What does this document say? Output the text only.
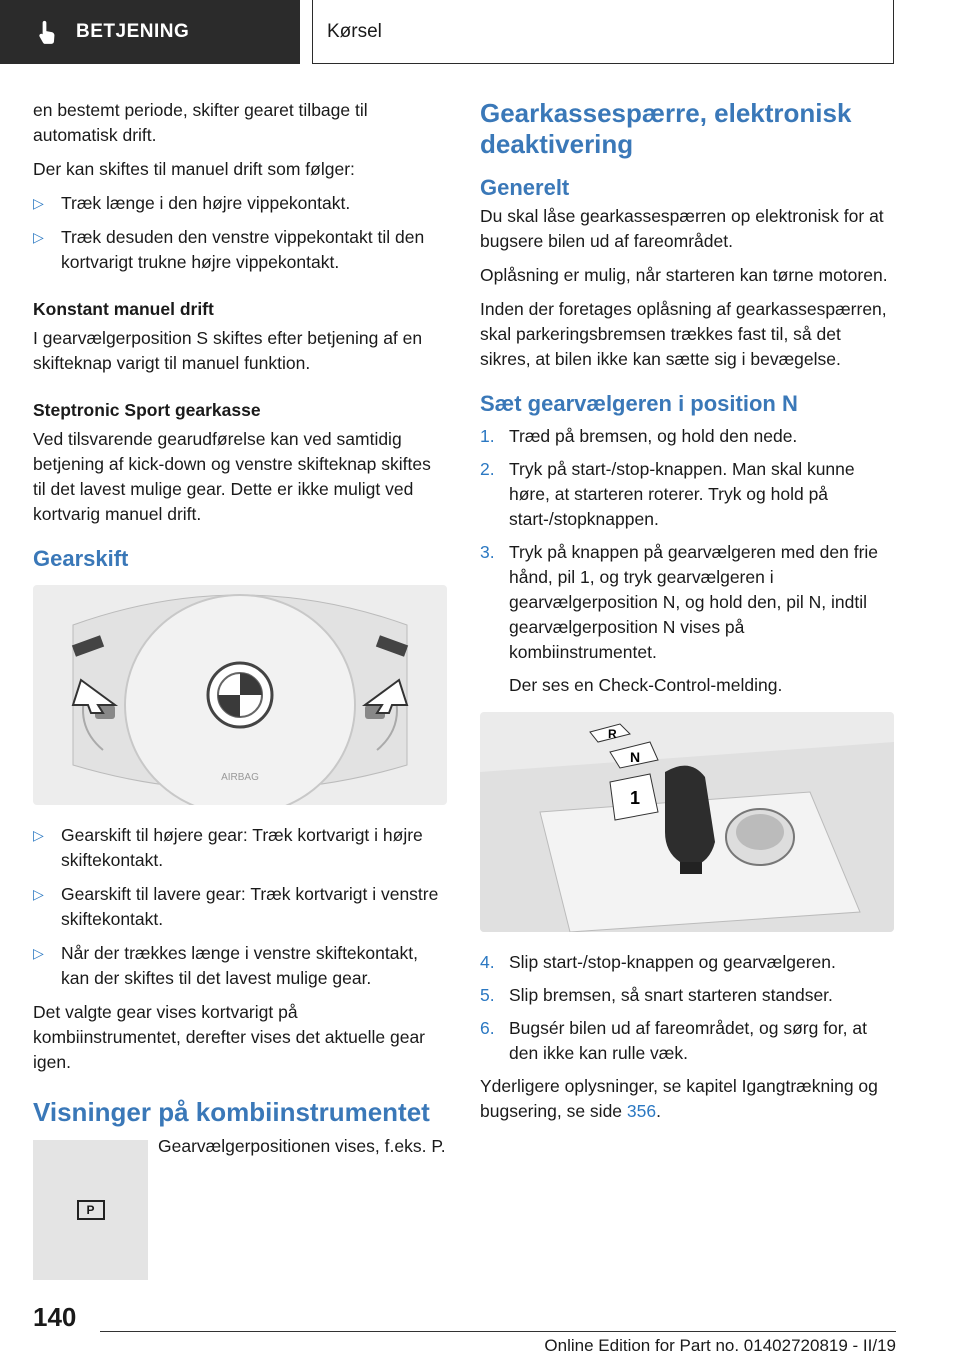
BETJENING	Kørsel

en bestemt periode, skifter gearet tilbage til automatisk drift.

Der kan skiftes til manuel drift som følger:

▷ Træk længe i den højre vippekontakt.
▷ Træk desuden den venstre vippekontakt til den kortvarigt trukne højre vippekontakt.

Konstant manuel drift

I gearvælgerposition S skiftes efter betjening af en skifteknap varigt til manuel funktion.

Steptronic Sport gearkasse

Ved tilsvarende gearudførelse kan ved samtidig betjening af kick-down og venstre skifteknap skiftes til det lavest mulige gear. Dette er ikke muligt ved kortvarig manuel drift.

Gearskift
AIRBAG
▷ Gearskift til højere gear: Træk kortvarigt i højre skiftekontakt.
▷ Gearskift til lavere gear: Træk kortvarigt i venstre skiftekontakt.
▷ Når der trækkes længe i venstre skiftekontakt, kan der skiftes til det lavest mulige gear.

Det valgte gear vises kortvarigt på kombiinstrumentet, derefter vises det aktuelle gear igen.

Visninger på kombiinstrumentet
P

Gearvælgerpositionen vises, f.eks. P.

Gearkassespærre, elektronisk deaktivering
Generelt

Du skal låse gearkassespærren op elektronisk for at bugsere bilen ud af fareområdet.

Oplåsning er mulig, når starteren kan tørne motoren.

Inden der foretages oplåsning af gearkassespærren, skal parkeringsbremsen trækkes fast til, så det sikres, at bilen ikke kan sætte sig i bevægelse.

Sæt gearvælgeren i position N
1. Træd på bremsen, og hold den nede.
2. Tryk på start-/stop-knappen. Man skal kunne høre, at starteren roterer. Tryk og hold på start-/stopknappen.
3. Tryk på knappen på gearvælgeren med den frie hånd, pil 1, og tryk gearvælgeren i gearvælgerposition N, og hold den, pil N, indtil gearvælgerposition N vises på kombiinstrumentet.

Der ses en Check-Control-melding.

R
N
1
4. Slip start-/stop-knappen og gearvælgeren.
5. Slip bremsen, så snart starteren standser.
6. Bugsér bilen ud af fareområdet, og sørg for, at den ikke kan rulle væk.

Yderligere oplysninger, se kapitel Igangtrækning og bugsering, se side 356.

140
Online Edition for Part no. 01402720819 - II/19
